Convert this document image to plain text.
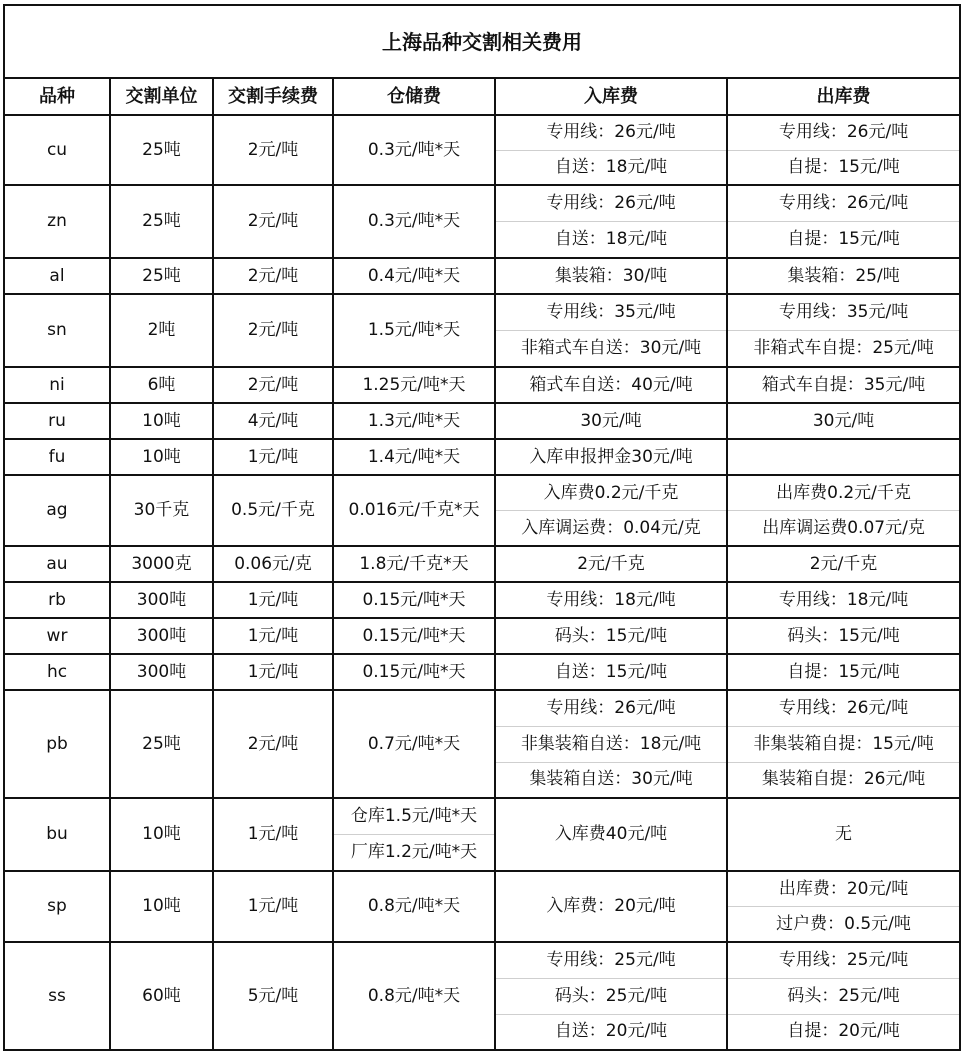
上海品种交割相关费用					
品种	交割单位	交割手续费	仓储费	入库费	出库费
cu	25吨	2元/吨	0.3元/吨*天	专用线：26元/吨	专用线：26元/吨
				自送：18元/吨	自提：15元/吨
zn	25吨	2元/吨	0.3元/吨*天	专用线：26元/吨	专用线：26元/吨
				自送：18元/吨	自提：15元/吨
al	25吨	2元/吨	0.4元/吨*天	集装箱：30/吨	集装箱：25/吨
sn	2吨	2元/吨	1.5元/吨*天	专用线：35元/吨	专用线：35元/吨
				非箱式车自送：30元/吨	非箱式车自提：25元/吨
ni	6吨	2元/吨	1.25元/吨*天	箱式车自送：40元/吨	箱式车自提：35元/吨
ru	10吨	4元/吨	1.3元/吨*天	30元/吨	30元/吨
fu	10吨	1元/吨	1.4元/吨*天	入库申报押金30元/吨	
ag	30千克	0.5元/千克	0.016元/千克*天	入库费0.2元/千克	出库费0.2元/千克
				入库调运费：0.04元/克	出库调运费0.07元/克
au	3000克	0.06元/克	1.8元/千克*天	2元/千克	2元/千克
rb	300吨	1元/吨	0.15元/吨*天	专用线：18元/吨	专用线：18元/吨
wr	300吨	1元/吨	0.15元/吨*天	码头：15元/吨	码头：15元/吨
hc	300吨	1元/吨	0.15元/吨*天	自送：15元/吨	自提：15元/吨
pb	25吨	2元/吨	0.7元/吨*天	专用线：26元/吨	专用线：26元/吨
				非集装箱自送：18元/吨	非集装箱自提：15元/吨
				集装箱自送：30元/吨	集装箱自提：26元/吨
bu	10吨	1元/吨	仓库1.5元/吨*天	入库费40元/吨	无
			厂库1.2元/吨*天		
sp	10吨	1元/吨	0.8元/吨*天	入库费：20元/吨	出库费：20元/吨
					过户费：0.5元/吨
ss	60吨	5元/吨	0.8元/吨*天	专用线：25元/吨	专用线：25元/吨
				码头：25元/吨	码头：25元/吨
				自送：20元/吨	自提：20元/吨
